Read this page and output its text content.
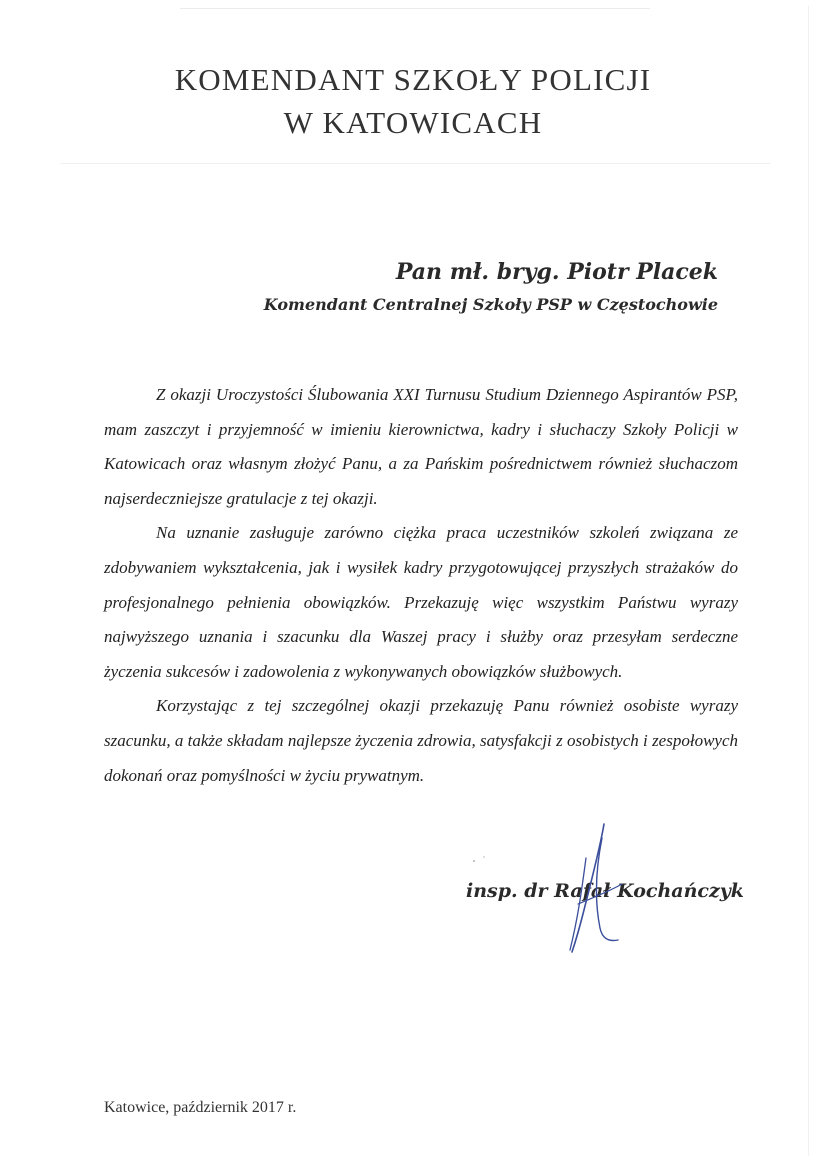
KOMENDANT SZKOŁY POLICJI
W KATOWICACH
Pan mł. bryg. Piotr Placek
Komendant Centralnej Szkoły PSP w Częstochowie

Z okazji Uroczystości Ślubowania XXI Turnusu Studium Dziennego Aspirantów PSP, mam zaszczyt i przyjemność w imieniu kierownictwa, kadry i słuchaczy Szkoły Policji w Katowicach oraz własnym złożyć Panu, a za Pańskim pośrednictwem również słuchaczom najserdeczniejsze gratulacje z tej okazji.

Na uznanie zasługuje zarówno ciężka praca uczestników szkoleń związana ze zdobywaniem wykształcenia, jak i wysiłek kadry przygotowującej przyszłych strażaków do profesjonalnego pełnienia obowiązków. Przekazuję więc wszystkim Państwu wyrazy najwyższego uznania i szacunku dla Waszej pracy i służby oraz przesyłam serdeczne życzenia sukcesów i zadowolenia z wykonywanych obowiązków służbowych.

Korzystając z tej szczególnej okazji przekazuję Panu również osobiste wyrazy szacunku, a także składam najlepsze życzenia zdrowia, satysfakcji z osobistych i zespołowych dokonań oraz pomyślności w życiu prywatnym.

insp. dr Rafał Kochańczyk
Katowice, październik 2017 r.
